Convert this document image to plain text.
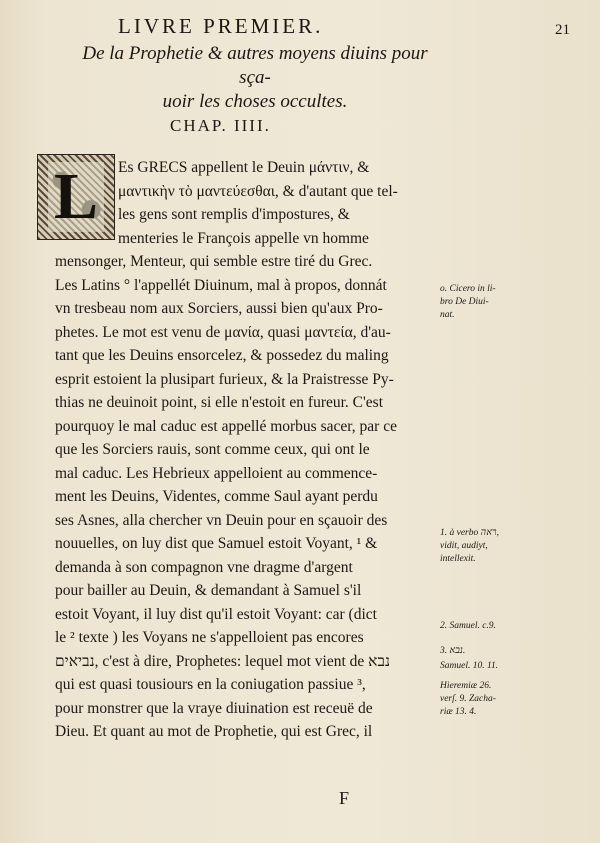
LIVRE PREMIER.	21
De la Prophetie & autres moyens diuins pour sça-
uoir les choses occultes.
CHAP. IIII.
L	Es GRECS appellent le Deuin μάντιν, &
μαντικὴν τὸ μαντεύεσθαι, & d'autant que tel-
les gens sont remplis d'impostures, &
menteries le François appelle vn homme
mensonger, Menteur, qui semble estre tiré du Grec.
Les Latins ° l'appellét Diuinum, mal à propos, donnát
vn tresbeau nom aux Sorciers, aussi bien qu'aux Pro-
phetes. Le mot est venu de μανία, quasi μαντεία, d'au-
tant que les Deuins ensorcelez, & possedez du maling
esprit estoient la plusipart furieux, & la Praistresse Py-
thias ne deuinoit point, si elle n'estoit en fureur. C'est
pourquoy le mal caduc est appellé morbus sacer, par ce
que les Sorciers rauis, sont comme ceux, qui ont le
mal caduc. Les Hebrieux appelloient au commence-
ment les Deuins, Videntes, comme Saul ayant perdu
ses Asnes, alla chercher vn Deuin pour en sçauoir des
nouuelles, on luy dist que Samuel estoit Voyant, ¹ &
demanda à son compagnon vne dragme d'argent
pour bailler au Deuin, & demandant à Samuel s'il
estoit Voyant, il luy dist qu'il estoit Voyant: car (dict
le ² texte ) les Voyans ne s'appelloient pas encores
נביאים, c'est à dire, Prophetes: lequel mot vient de נבא
qui est quasi tousiours en la coniugation passiue ³,
pour monstrer que la vraye diuination est receuë de
Dieu. Et quant au mot de Prophetie, qui est Grec, il
o. Cicero in li-
bro De Diui-
nat.
1. à verbo ראה,
vidit, audiyt,
intellexit.
2. Samuel. c.9.
3. נבא.
Samuel. 10. 11.
Hieremiæ 26.
verſ. 9. Zacha-
riæ 13. 4.
F
